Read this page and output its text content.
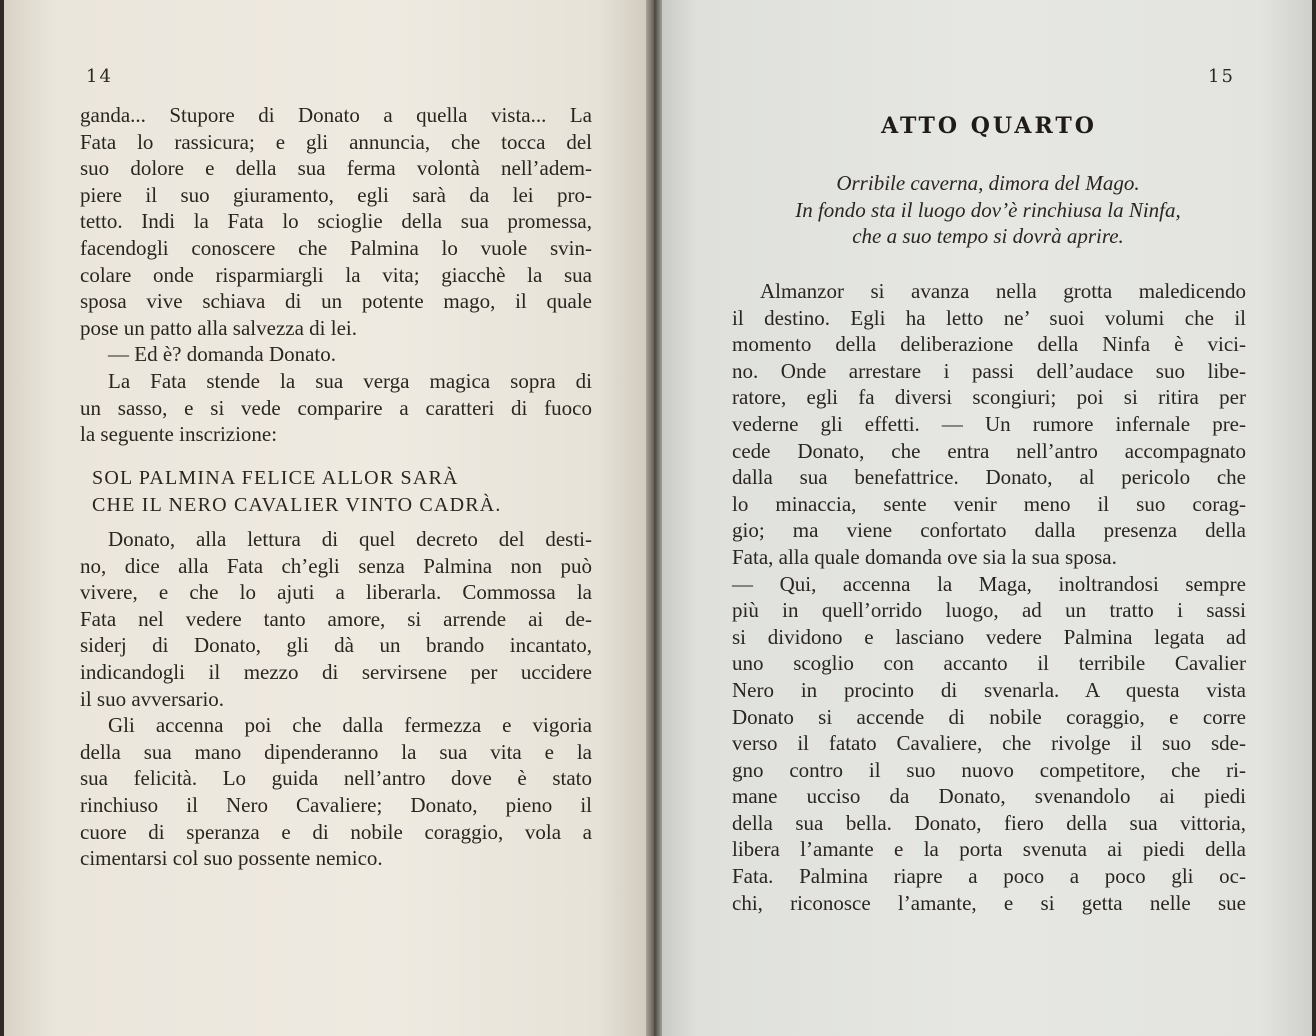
14
ganda... Stupore di Donato a quella vista... La
Fata lo rassicura; e gli annuncia, che tocca del
suo dolore e della sua ferma volontà nell’adem-
piere il suo giuramento, egli sarà da lei pro-
tetto. Indi la Fata lo scioglie della sua promessa,
facendogli conoscere che Palmina lo vuole svin-
colare onde risparmiargli la vita; giacchè la sua
sposa vive schiava di un potente mago, il quale
pose un patto alla salvezza di lei.
— Ed è? domanda Donato.
La Fata stende la sua verga magica sopra di
un sasso, e si vede comparire a caratteri di fuoco
la seguente inscrizione:
SOL PALMINA FELICE ALLOR SARÀ
CHE IL NERO CAVALIER VINTO CADRÀ.
Donato, alla lettura di quel decreto del desti-
no, dice alla Fata ch’egli senza Palmina non può
vivere, e che lo ajuti a liberarla. Commossa la
Fata nel vedere tanto amore, si arrende ai de-
siderj di Donato, gli dà un brando incantato,
indicandogli il mezzo di servirsene per uccidere
il suo avversario.
Gli accenna poi che dalla fermezza e vigoria
della sua mano dipenderanno la sua vita e la
sua felicità. Lo guida nell’antro dove è stato
rinchiuso il Nero Cavaliere; Donato, pieno il
cuore di speranza e di nobile coraggio, vola a
cimentarsi col suo possente nemico.
15
ATTO QUARTO
Orribile caverna, dimora del Mago.
In fondo sta il luogo dov’è rinchiusa la Ninfa,
che a suo tempo si dovrà aprire.
Almanzor si avanza nella grotta maledicendo
il destino. Egli ha letto ne’ suoi volumi che il
momento della deliberazione della Ninfa è vici-
no. Onde arrestare i passi dell’audace suo libe-
ratore, egli fa diversi scongiuri; poi si ritira per
vederne gli effetti. — Un rumore infernale pre-
cede Donato, che entra nell’antro accompagnato
dalla sua benefattrice. Donato, al pericolo che
lo minaccia, sente venir meno il suo corag-
gio; ma viene confortato dalla presenza della
Fata, alla quale domanda ove sia la sua sposa.
— Qui, accenna la Maga, inoltrandosi sempre
più in quell’orrido luogo, ad un tratto i sassi
si dividono e lasciano vedere Palmina legata ad
uno scoglio con accanto il terribile Cavalier
Nero in procinto di svenarla. A questa vista
Donato si accende di nobile coraggio, e corre
verso il fatato Cavaliere, che rivolge il suo sde-
gno contro il suo nuovo competitore, che ri-
mane ucciso da Donato, svenandolo ai piedi
della sua bella. Donato, fiero della sua vittoria,
libera l’amante e la porta svenuta ai piedi della
Fata. Palmina riapre a poco a poco gli oc-
chi, riconosce l’amante, e si getta nelle sue
